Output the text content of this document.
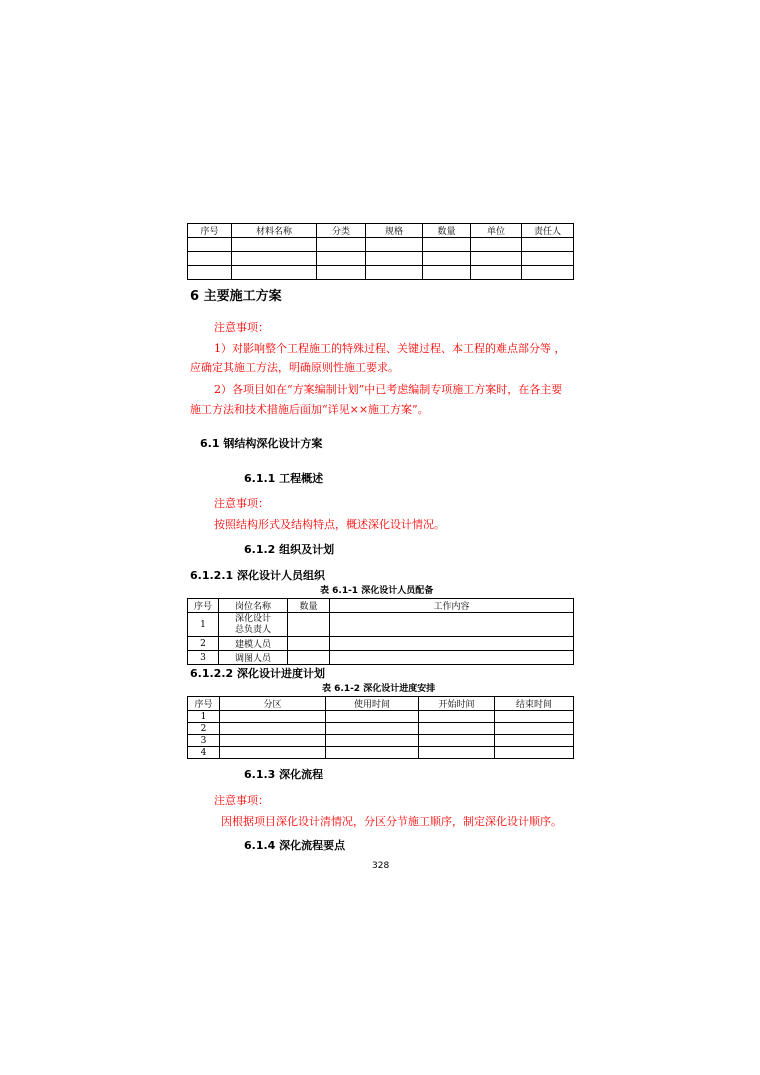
序号	材料名称	分类	规格	数量	单位	责任人

6 主要施工方案
注意事项：
1）对影响整个工程施工的特殊过程、关键过程、本工程的难点部分等 ，
应确定其施工方法，明确原则性施工要求。
2）各项目如在“方案编制计划”中已考虑编制专项施工方案时，在各主要
施工方法和技术措施后面加“详见××施工方案”。
6.1 钢结构深化设计方案
6.1.1 工程概述
注意事项：
按照结构形式及结构特点，概述深化设计情况。
6.1.2 组织及计划
6.1.2.1 深化设计人员组织
表 6.1-1 深化设计人员配备
序号	岗位名称	数量	工作内容
1	深化设计
总负责人		
2	建模人员		
3	调图人员		
6.1.2.2 深化设计进度计划
表 6.1-2 深化设计进度安排
序号	分区	使用时间	开始时间	结束时间
1				
2				
3				
4				
6.1.3 深化流程
注意事项：
因根据项目深化设计清情况，分区分节施工顺序，制定深化设计顺序。
6.1.4 深化流程要点
328
